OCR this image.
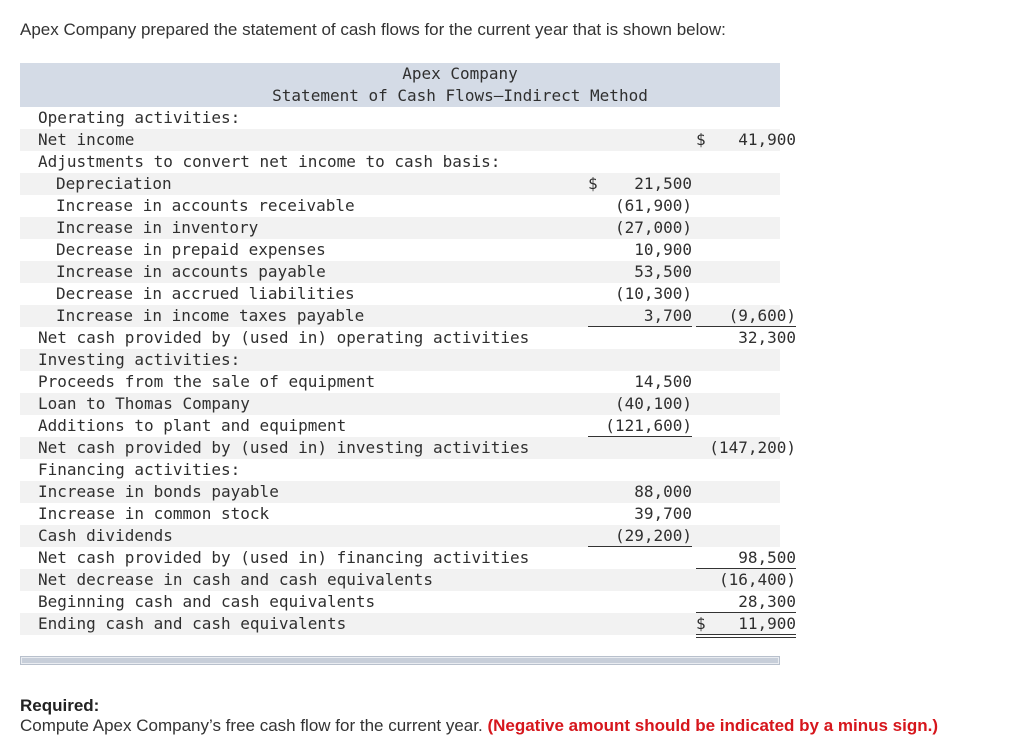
Apex Company prepared the statement of cash flows for the current year that is shown below:
Apex Company
Statement of Cash Flows—Indirect Method
Operating activities:
Net income	$ 41,900
Adjustments to convert net income to cash basis:
Depreciation	$ 21,500
Increase in accounts receivable	(61,900)
Increase in inventory	(27,000)
Decrease in prepaid expenses	10,900
Increase in accounts payable	53,500
Decrease in accrued liabilities	(10,300)
Increase in income taxes payable	3,700	(9,600)
Net cash provided by (used in) operating activities	32,300
Investing activities:
Proceeds from the sale of equipment	14,500
Loan to Thomas Company	(40,100)
Additions to plant and equipment	(121,600)
Net cash provided by (used in) investing activities	(147,200)
Financing activities:
Increase in bonds payable	88,000
Increase in common stock	39,700
Cash dividends	(29,200)
Net cash provided by (used in) financing activities	98,500
Net decrease in cash and cash equivalents	(16,400)
Beginning cash and cash equivalents	28,300
Ending cash and cash equivalents	$ 11,900
Required:
Compute Apex Company’s free cash flow for the current year. (Negative amount should be indicated by a minus sign.)
